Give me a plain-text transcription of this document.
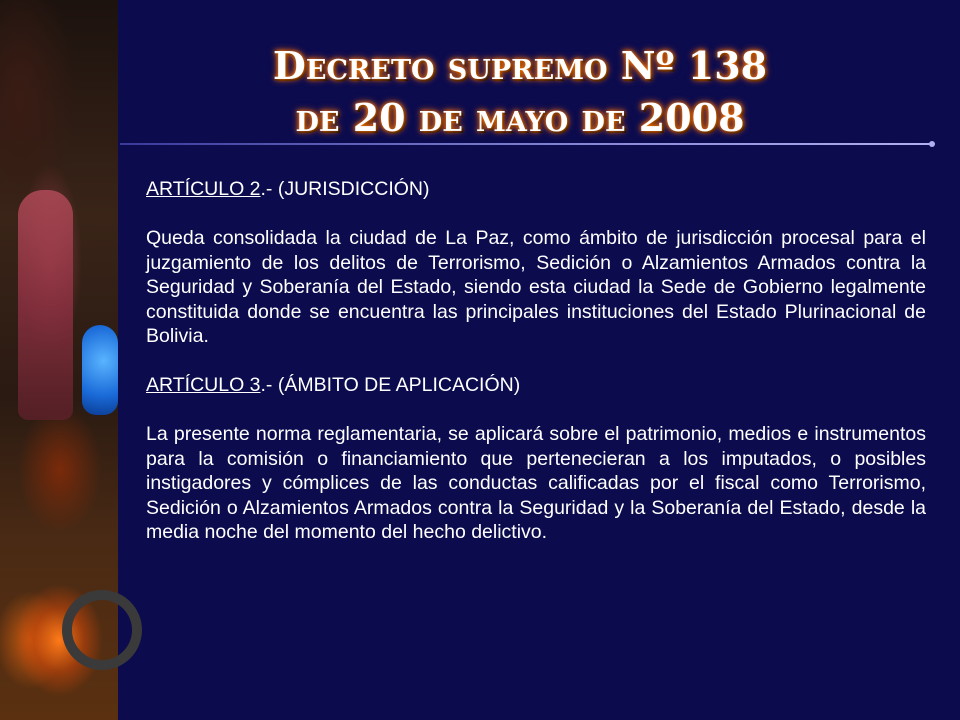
Decreto supremo Nº 138
de 20 de mayo de 2008

ARTÍCULO 2.- (JURISDICCIÓN)

Queda consolidada la ciudad de La Paz, como ámbito de jurisdicción procesal para el juzgamiento de los delitos de Terrorismo, Sedición o Alzamientos Armados contra la Seguridad y Soberanía del Estado, siendo esta ciudad la Sede de Gobierno legalmente constituida donde se encuentra las principales instituciones del Estado Plurinacional de Bolivia.

ARTÍCULO 3.- (ÁMBITO DE APLICACIÓN)

La presente norma reglamentaria, se aplicará sobre el patrimonio, medios e instrumentos para la comisión o financiamiento que pertenecieran a los imputados, o posibles instigadores y cómplices de las conductas calificadas por el fiscal como Terrorismo, Sedición o Alzamientos Armados contra la Seguridad y la Soberanía del Estado, desde la media noche del momento del hecho delictivo.
